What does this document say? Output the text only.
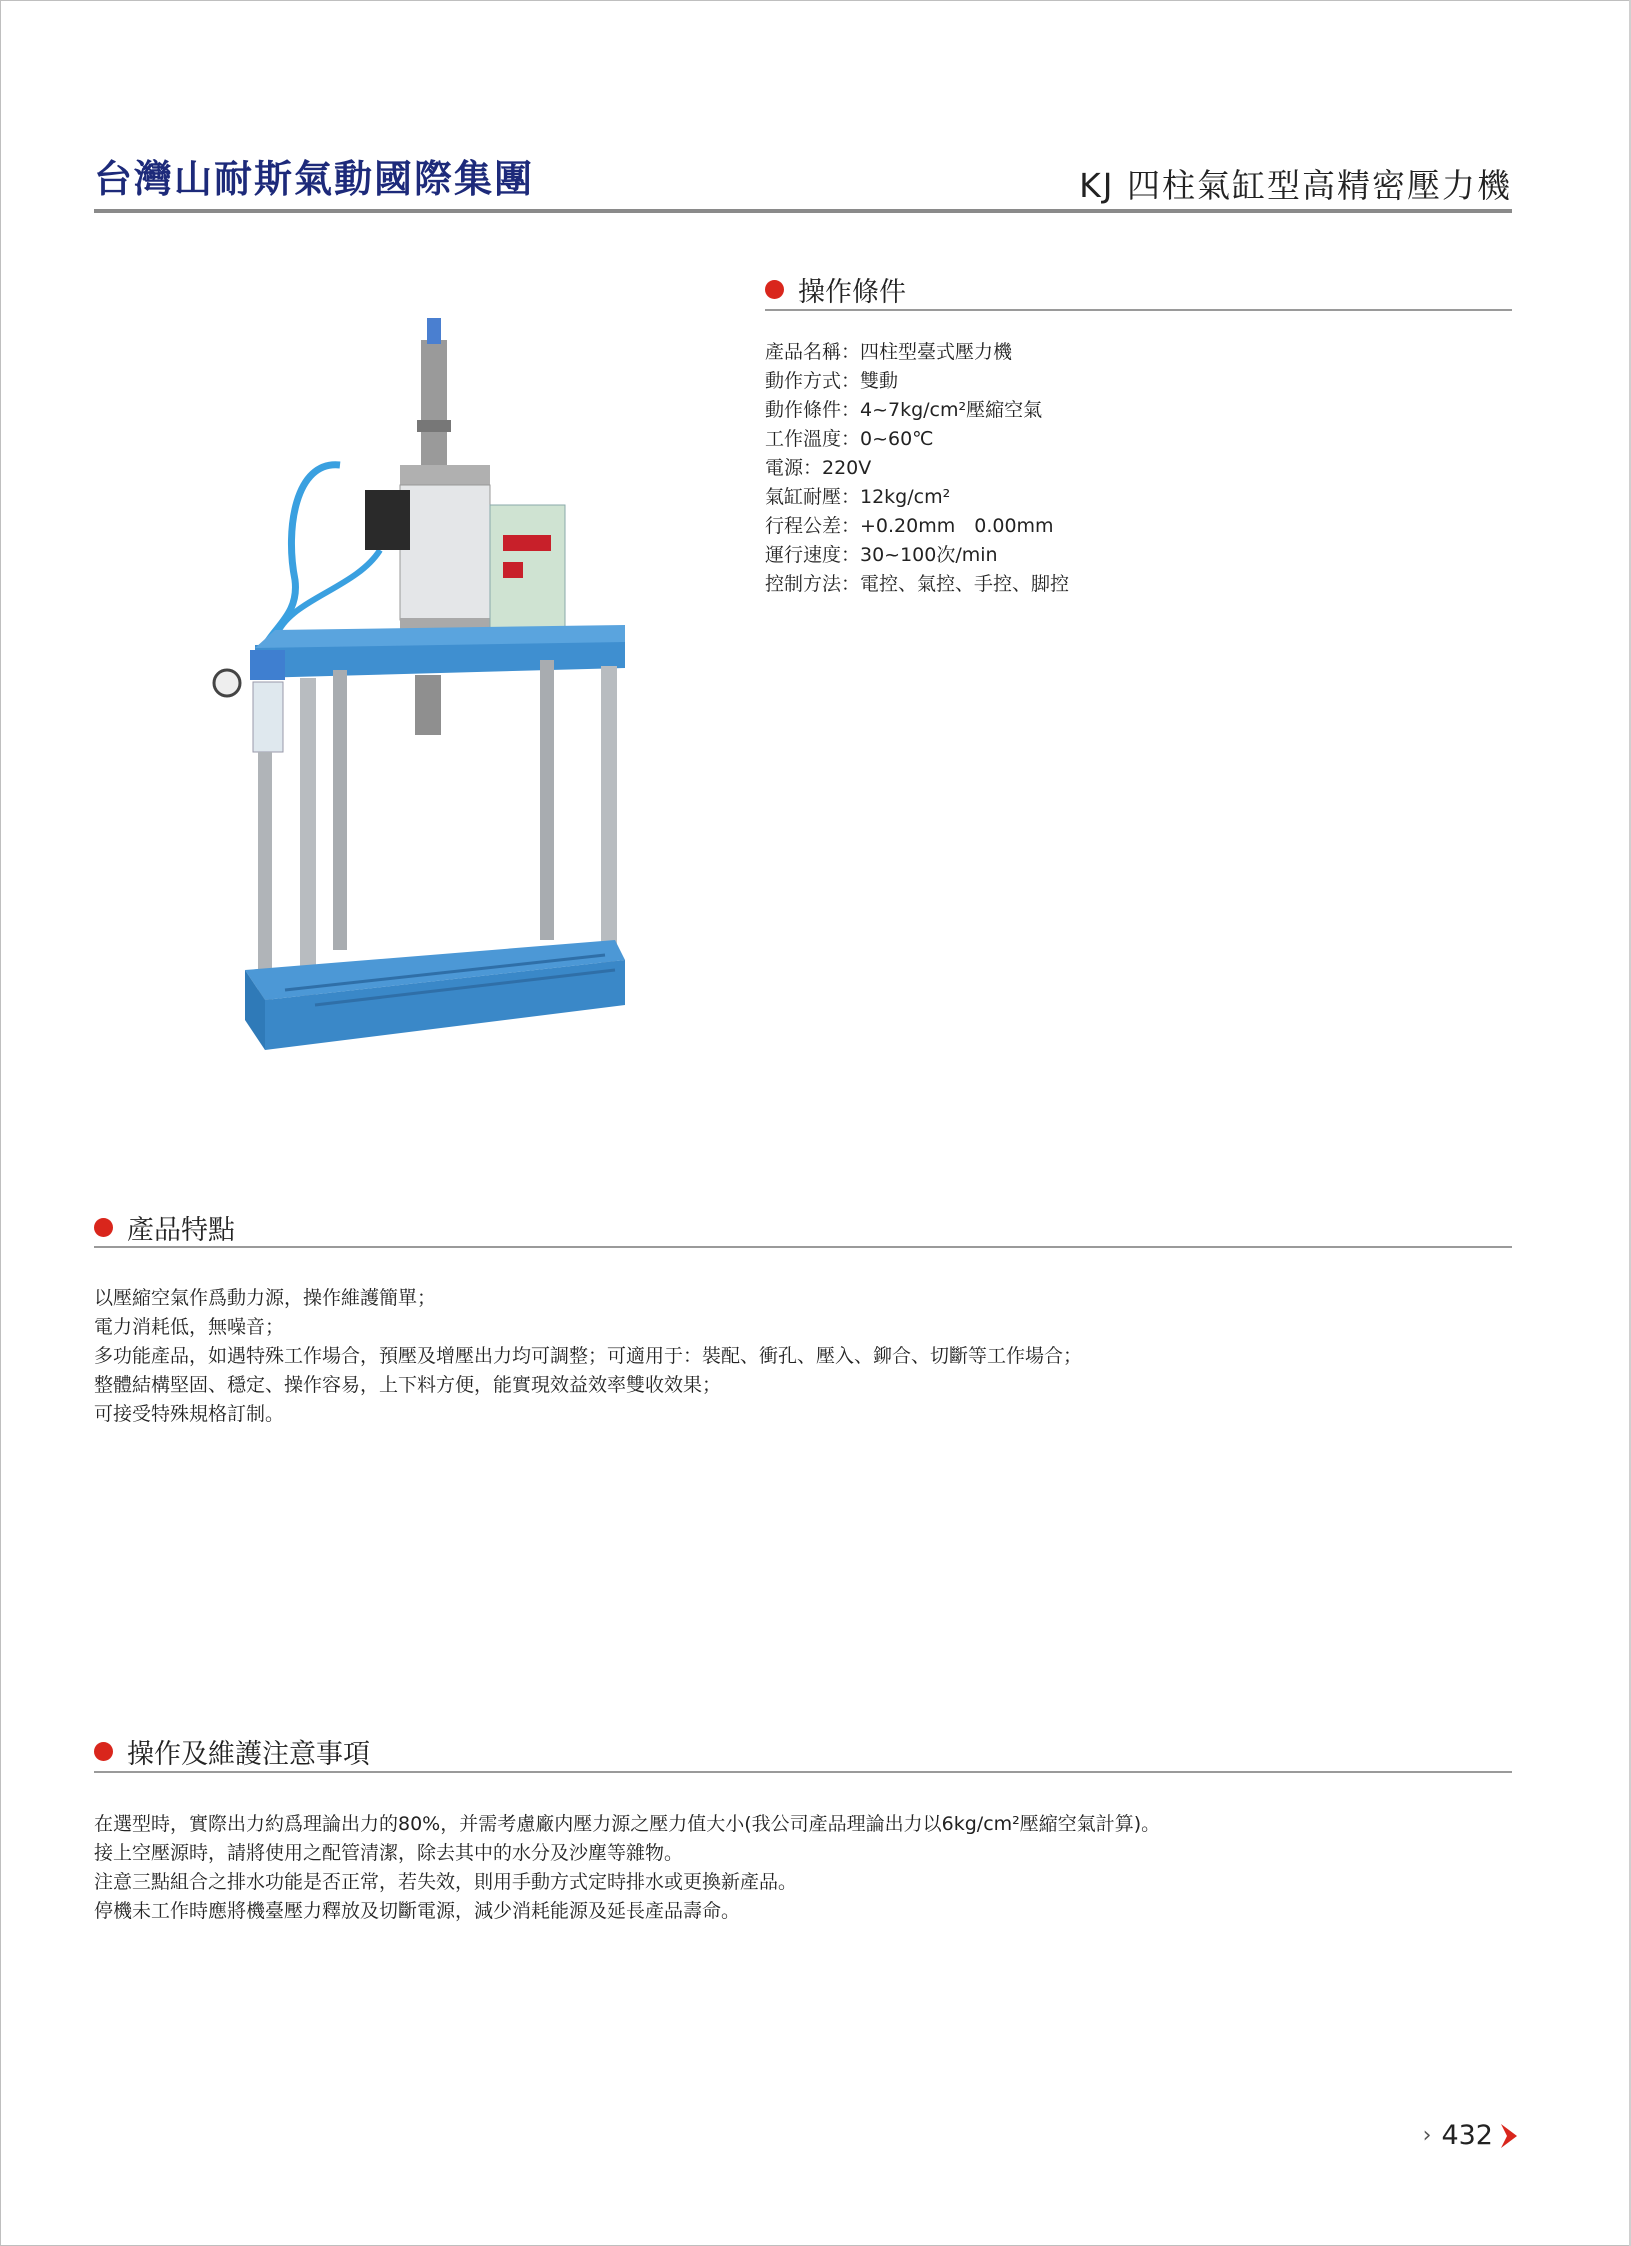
台灣山耐斯氣動國際集團	KJ 四柱氣缸型高精密壓力機
操作條件
產品名稱：四柱型臺式壓力機
動作方式：雙動
動作條件：4~7kg/cm²壓縮空氣
工作溫度：0~60℃
電源：220V
氣缸耐壓：12kg/cm²
行程公差：+0.20mm　0.00mm
運行速度：30~100次/min
控制方法：電控、氣控、手控、脚控
產品特點
以壓縮空氣作爲動力源，操作維護簡單；
電力消耗低，無噪音；
多功能產品，如遇特殊工作場合，預壓及增壓出力均可調整；可適用于：裝配、衝孔、壓入、鉚合、切斷等工作場合；
整體結構堅固、穩定、操作容易，上下料方便，能實現效益效率雙收效果；
可接受特殊規格訂制。
操作及維護注意事項
在選型時，實際出力約爲理論出力的80%，并需考慮廠内壓力源之壓力值大小(我公司產品理論出力以6kg/cm²壓縮空氣計算)。
接上空壓源時，請將使用之配管清潔，除去其中的水分及沙塵等雜物。
注意三點組合之排水功能是否正常，若失效，則用手動方式定時排水或更換新產品。
停機未工作時應將機臺壓力釋放及切斷電源，減少消耗能源及延長產品壽命。
› 432
